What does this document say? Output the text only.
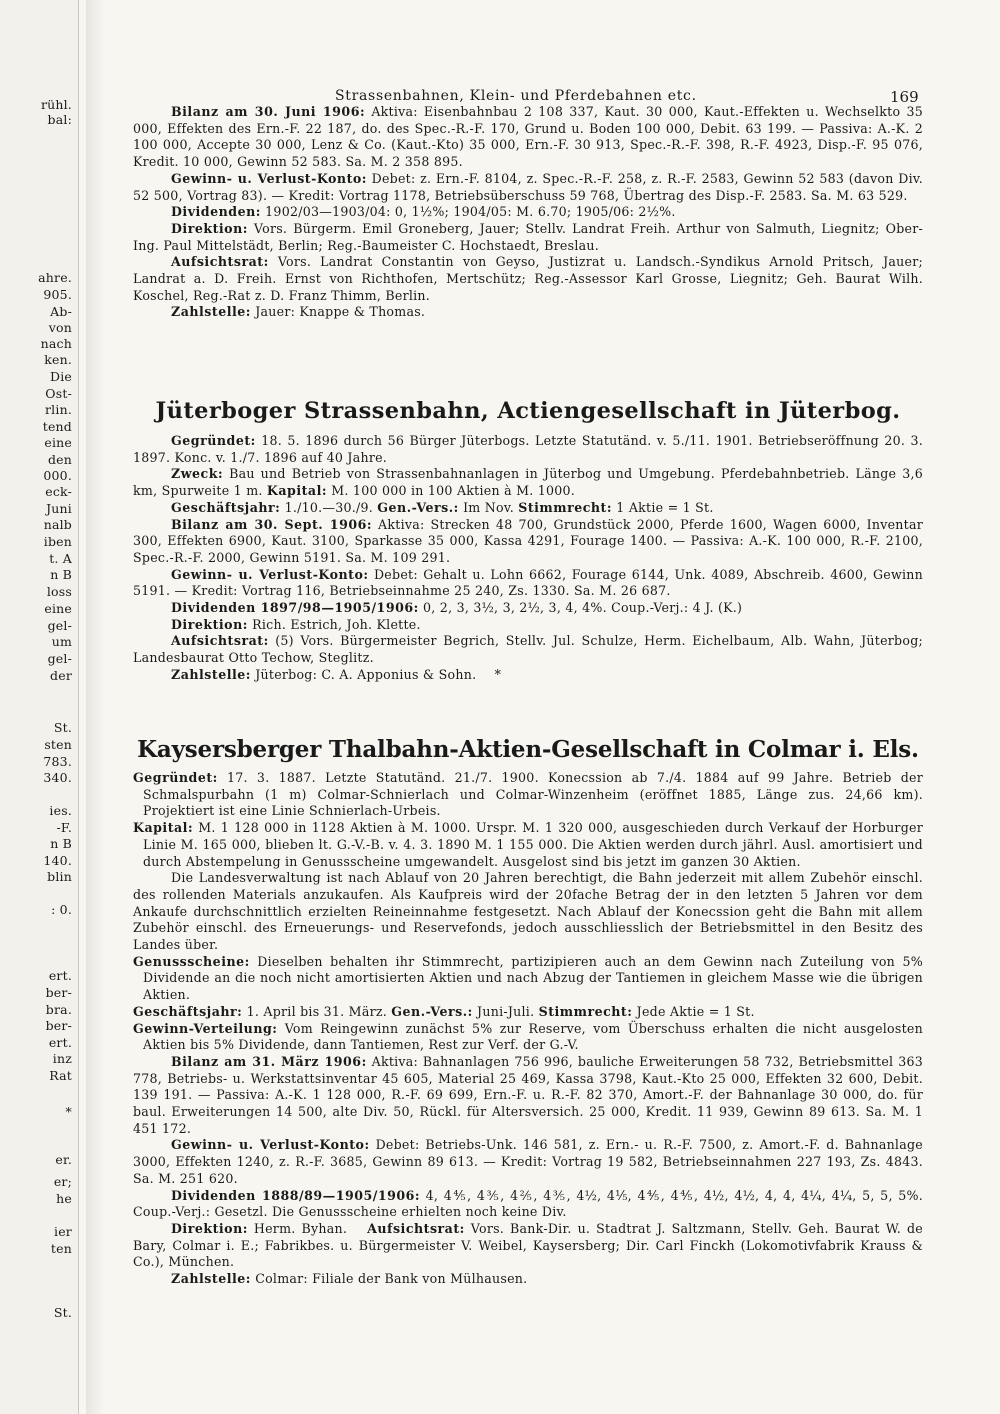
rühl.
bal:
ahre.
905.
Ab-
von
nach
ken.
Die
Ost-
rlin.
tend
eine
den
000.
eck-
Juni
nalb
iben
t. A
n B
loss
eine
gel-
um
gel-
der
St.
sten
783.
340.
ies.
-F.
n B
140.
blin
: 0.
ert.
ber-
bra.
ber-
ert.
inz
Rat
*
er.
er;
he
ier
ten
St.
Strassenbahnen, Klein- und Pferdebahnen etc.	169

Bilanz am 30. Juni 1906: Aktiva: Eisenbahnbau 2 108 337, Kaut. 30 000, Kaut.-Effekten u. Wechselkto 35 000, Effekten des Ern.-F. 22 187, do. des Spec.-R.-F. 170, Grund u. Boden 100 000, Debit. 63 199. — Passiva: A.-K. 2 100 000, Accepte 30 000, Lenz & Co. (Kaut.-Kto) 35 000, Ern.-F. 30 913, Spec.-R.-F. 398, R.-F. 4923, Disp.-F. 95 076, Kredit. 10 000, Gewinn 52 583. Sa. M. 2 358 895.

Gewinn- u. Verlust-Konto: Debet: z. Ern.-F. 8104, z. Spec.-R.-F. 258, z. R.-F. 2583, Gewinn 52 583 (davon Div. 52 500, Vortrag 83). — Kredit: Vortrag 1178, Betriebsüberschuss 59 768, Übertrag des Disp.-F. 2583. Sa. M. 63 529.

Dividenden: 1902/03—1903/04: 0, 1½%; 1904/05: M. 6.70; 1905/06: 2½%.

Direktion: Vors. Bürgerm. Emil Groneberg, Jauer; Stellv. Landrat Freih. Arthur von Salmuth, Liegnitz; Ober-Ing. Paul Mittelstädt, Berlin; Reg.-Baumeister C. Hochstaedt, Breslau.

Aufsichtsrat: Vors. Landrat Constantin von Geyso, Justizrat u. Landsch.-Syndikus Arnold Pritsch, Jauer; Landrat a. D. Freih. Ernst von Richthofen, Mertschütz; Reg.-Assessor Karl Grosse, Liegnitz; Geh. Baurat Wilh. Koschel, Reg.-Rat z. D. Franz Thimm, Berlin.

Zahlstelle: Jauer: Knappe & Thomas.

Jüterboger Strassenbahn, Actiengesellschaft in Jüterbog.

Gegründet: 18. 5. 1896 durch 56 Bürger Jüterbogs. Letzte Statutänd. v. 5./11. 1901. Betriebseröffnung 20. 3. 1897. Konc. v. 1./7. 1896 auf 40 Jahre.

Zweck: Bau und Betrieb von Strassenbahnanlagen in Jüterbog und Umgebung. Pferdebahnbetrieb. Länge 3,6 km, Spurweite 1 m. Kapital: M. 100 000 in 100 Aktien à M. 1000.

Geschäftsjahr: 1./10.—30./9. Gen.-Vers.: Im Nov. Stimmrecht: 1 Aktie = 1 St.

Bilanz am 30. Sept. 1906: Aktiva: Strecken 48 700, Grundstück 2000, Pferde 1600, Wagen 6000, Inventar 300, Effekten 6900, Kaut. 3100, Sparkasse 35 000, Kassa 4291, Fourage 1400. — Passiva: A.-K. 100 000, R.-F. 2100, Spec.-R.-F. 2000, Gewinn 5191. Sa. M. 109 291.

Gewinn- u. Verlust-Konto: Debet: Gehalt u. Lohn 6662, Fourage 6144, Unk. 4089, Abschreib. 4600, Gewinn 5191. — Kredit: Vortrag 116, Betriebseinnahme 25 240, Zs. 1330. Sa. M. 26 687.

Dividenden 1897/98—1905/1906: 0, 2, 3, 3½, 3, 2½, 3, 4, 4%. Coup.-Verj.: 4 J. (K.)

Direktion: Rich. Estrich, Joh. Klette.

Aufsichtsrat: (5) Vors. Bürgermeister Begrich, Stellv. Jul. Schulze, Herm. Eichelbaum, Alb. Wahn, Jüterbog; Landesbaurat Otto Techow, Steglitz.

Zahlstelle: Jüterbog: C. A. Apponius & Sohn. *

Kaysersberger Thalbahn-Aktien-Gesellschaft in Colmar i. Els.

Gegründet: 17. 3. 1887. Letzte Statutänd. 21./7. 1900. Konecssion ab 7./4. 1884 auf 99 Jahre. Betrieb der Schmalspurbahn (1 m) Colmar-Schnierlach und Colmar-Winzenheim (eröffnet 1885, Länge zus. 24,66 km). Projektiert ist eine Linie Schnierlach-Urbeis.

Kapital: M. 1 128 000 in 1128 Aktien à M. 1000. Urspr. M. 1 320 000, ausgeschieden durch Verkauf der Horburger Linie M. 165 000, blieben lt. G.-V.-B. v. 4. 3. 1890 M. 1 155 000. Die Aktien werden durch jährl. Ausl. amortisiert und durch Abstempelung in Genussscheine umgewandelt. Ausgelost sind bis jetzt im ganzen 30 Aktien.

Die Landesverwaltung ist nach Ablauf von 20 Jahren berechtigt, die Bahn jederzeit mit allem Zubehör einschl. des rollenden Materials anzukaufen. Als Kaufpreis wird der 20fache Betrag der in den letzten 5 Jahren vor dem Ankaufe durchschnittlich erzielten Reineinnahme festgesetzt. Nach Ablauf der Konecssion geht die Bahn mit allem Zubehör einschl. des Erneuerungs- und Reservefonds, jedoch ausschliesslich der Betriebsmittel in den Besitz des Landes über.

Genussscheine: Dieselben behalten ihr Stimmrecht, partizipieren auch an dem Gewinn nach Zuteilung von 5% Dividende an die noch nicht amortisierten Aktien und nach Abzug der Tantiemen in gleichem Masse wie die übrigen Aktien.

Geschäftsjahr: 1. April bis 31. März. Gen.-Vers.: Juni-Juli. Stimmrecht: Jede Aktie = 1 St.

Gewinn-Verteilung: Vom Reingewinn zunächst 5% zur Reserve, vom Überschuss erhalten die nicht ausgelosten Aktien bis 5% Dividende, dann Tantiemen, Rest zur Verf. der G.-V.

Bilanz am 31. März 1906: Aktiva: Bahnanlagen 756 996, bauliche Erweiterungen 58 732, Betriebsmittel 363 778, Betriebs- u. Werkstattsinventar 45 605, Material 25 469, Kassa 3798, Kaut.-Kto 25 000, Effekten 32 600, Debit. 139 191. — Passiva: A.-K. 1 128 000, R.-F. 69 699, Ern.-F. u. R.-F. 82 370, Amort.-F. der Bahnanlage 30 000, do. für baul. Erweiterungen 14 500, alte Div. 50, Rückl. für Altersversich. 25 000, Kredit. 11 939, Gewinn 89 613. Sa. M. 1 451 172.

Gewinn- u. Verlust-Konto: Debet: Betriebs-Unk. 146 581, z. Ern.- u. R.-F. 7500, z. Amort.-F. d. Bahnanlage 3000, Effekten 1240, z. R.-F. 3685, Gewinn 89 613. — Kredit: Vortrag 19 582, Betriebseinnahmen 227 193, Zs. 4843. Sa. M. 251 620.

Dividenden 1888/89—1905/1906: 4, 4⅘, 4⅗, 4⅖, 4⅗, 4½, 4⅕, 4⅘, 4⅘, 4½, 4½, 4, 4, 4¼, 4¼, 5, 5, 5%. Coup.-Verj.: Gesetzl. Die Genussscheine erhielten noch keine Div.

Direktion: Herm. Byhan. Aufsichtsrat: Vors. Bank-Dir. u. Stadtrat J. Saltzmann, Stellv. Geh. Baurat W. de Bary, Colmar i. E.; Fabrikbes. u. Bürgermeister V. Weibel, Kaysersberg; Dir. Carl Finckh (Lokomotivfabrik Krauss & Co.), München.

Zahlstelle: Colmar: Filiale der Bank von Mülhausen.
